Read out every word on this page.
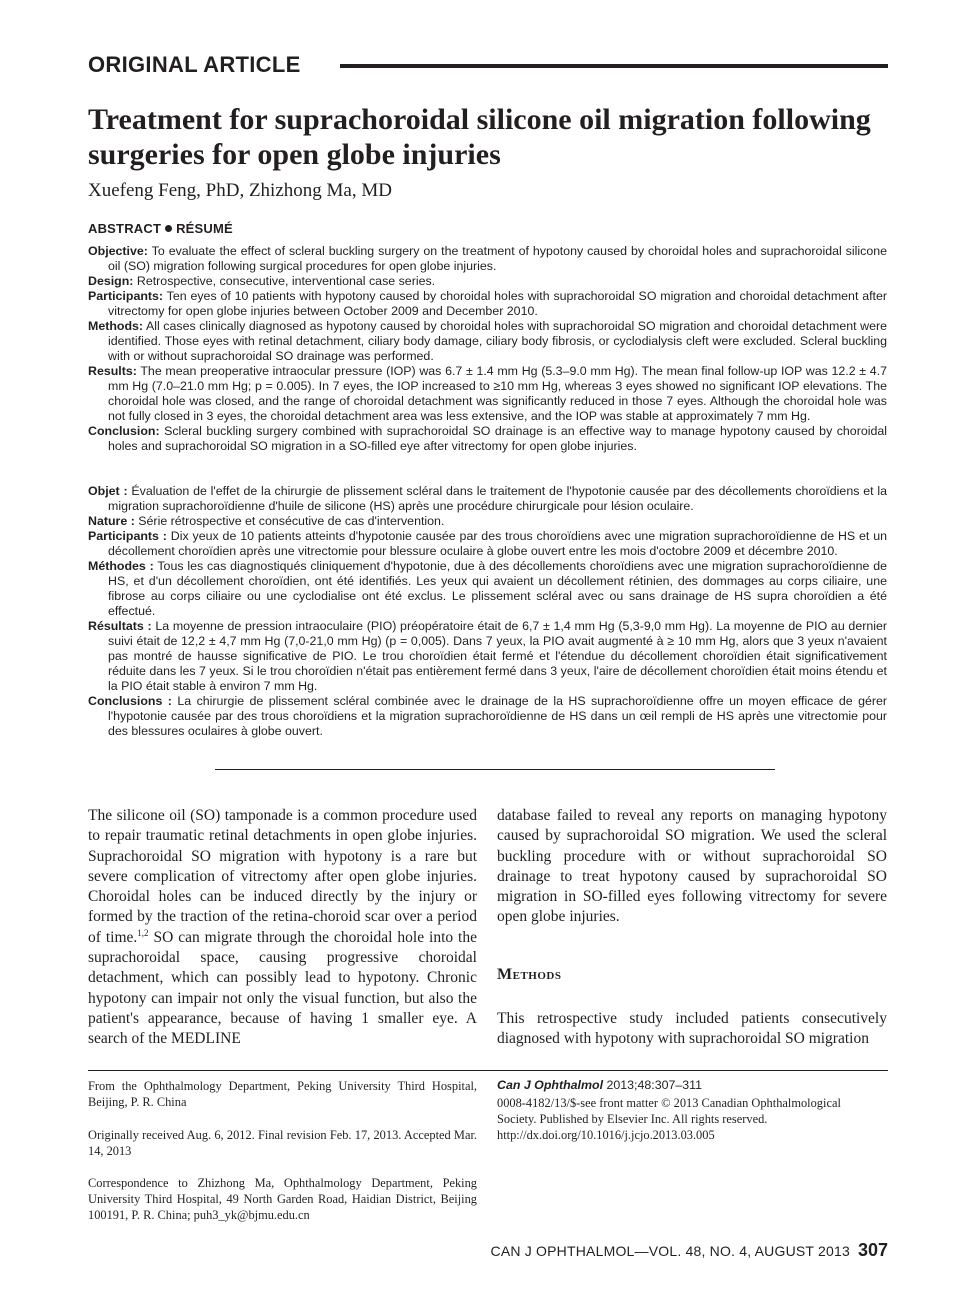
ORIGINAL ARTICLE
Treatment for suprachoroidal silicone oil migration following surgeries for open globe injuries
Xuefeng Feng, PhD, Zhizhong Ma, MD
ABSTRACT RÉSUMÉ

Objective: To evaluate the effect of scleral buckling surgery on the treatment of hypotony caused by choroidal holes and suprachoroidal silicone oil (SO) migration following surgical procedures for open globe injuries.

Design: Retrospective, consecutive, interventional case series.

Participants: Ten eyes of 10 patients with hypotony caused by choroidal holes with suprachoroidal SO migration and choroidal detachment after vitrectomy for open globe injuries between October 2009 and December 2010.

Methods: All cases clinically diagnosed as hypotony caused by choroidal holes with suprachoroidal SO migration and choroidal detachment were identified. Those eyes with retinal detachment, ciliary body damage, ciliary body fibrosis, or cyclodialysis cleft were excluded. Scleral buckling with or without suprachoroidal SO drainage was performed.

Results: The mean preoperative intraocular pressure (IOP) was 6.7 ± 1.4 mm Hg (5.3–9.0 mm Hg). The mean final follow-up IOP was 12.2 ± 4.7 mm Hg (7.0–21.0 mm Hg; p = 0.005). In 7 eyes, the IOP increased to ≥10 mm Hg, whereas 3 eyes showed no significant IOP elevations. The choroidal hole was closed, and the range of choroidal detachment was significantly reduced in those 7 eyes. Although the choroidal hole was not fully closed in 3 eyes, the choroidal detachment area was less extensive, and the IOP was stable at approximately 7 mm Hg.

Conclusion: Scleral buckling surgery combined with suprachoroidal SO drainage is an effective way to manage hypotony caused by choroidal holes and suprachoroidal SO migration in a SO-filled eye after vitrectomy for open globe injuries.

Objet : Évaluation de l'effet de la chirurgie de plissement scléral dans le traitement de l'hypotonie causée par des décollements choroïdiens et la migration suprachoroïdienne d'huile de silicone (HS) après une procédure chirurgicale pour lésion oculaire.

Nature : Série rétrospective et consécutive de cas d'intervention.

Participants : Dix yeux de 10 patients atteints d'hypotonie causée par des trous choroïdiens avec une migration suprachoroïdienne de HS et un décollement choroïdien après une vitrectomie pour blessure oculaire à globe ouvert entre les mois d'octobre 2009 et décembre 2010.

Méthodes : Tous les cas diagnostiqués cliniquement d'hypotonie, due à des décollements choroïdiens avec une migration suprachoroïdienne de HS, et d'un décollement choroïdien, ont été identifiés. Les yeux qui avaient un décollement rétinien, des dommages au corps ciliaire, une fibrose au corps ciliaire ou une cyclodialise ont été exclus. Le plissement scléral avec ou sans drainage de HS supra choroïdien a été effectué.

Résultats : La moyenne de pression intraoculaire (PIO) préopératoire était de 6,7 ± 1,4 mm Hg (5,3-9,0 mm Hg). La moyenne de PIO au dernier suivi était de 12,2 ± 4,7 mm Hg (7,0-21,0 mm Hg) (p = 0,005). Dans 7 yeux, la PIO avait augmenté à ≥ 10 mm Hg, alors que 3 yeux n'avaient pas montré de hausse significative de PIO. Le trou choroïdien était fermé et l'étendue du décollement choroïdien était significativement réduite dans les 7 yeux. Si le trou choroïdien n'était pas entièrement fermé dans 3 yeux, l'aire de décollement choroïdien était moins étendu et la PIO était stable à environ 7 mm Hg.

Conclusions : La chirurgie de plissement scléral combinée avec le drainage de la HS suprachoroïdienne offre un moyen efficace de gérer l'hypotonie causée par des trous choroïdiens et la migration suprachoroïdienne de HS dans un œil rempli de HS après une vitrectomie pour des blessures oculaires à globe ouvert.

The silicone oil (SO) tamponade is a common procedure used to repair traumatic retinal detachments in open globe injuries. Suprachoroidal SO migration with hypotony is a rare but severe complication of vitrectomy after open globe injuries. Choroidal holes can be induced directly by the injury or formed by the traction of the retina-choroid scar over a period of time.$^{1,2}$ SO can migrate through the choroidal hole into the suprachoroidal space, causing progressive choroidal detachment, which can possibly lead to hypotony. Chronic hypotony can impair not only the visual function, but also the patient's appearance, because of having 1 smaller eye. A search of the MEDLINE

database failed to reveal any reports on managing hypotony caused by suprachoroidal SO migration. We used the scleral buckling procedure with or without suprachoroidal SO drainage to treat hypotony caused by suprachoroidal SO migration in SO-filled eyes following vitrectomy for severe open globe injuries.

Methods

This retrospective study included patients consecutively diagnosed with hypotony with suprachoroidal SO migration

From the Ophthalmology Department, Peking University Third Hospital, Beijing, P. R. China

Originally received Aug. 6, 2012. Final revision Feb. 17, 2013. Accepted Mar. 14, 2013

Correspondence to Zhizhong Ma, Ophthalmology Department, Peking University Third Hospital, 49 North Garden Road, Haidian District, Beijing 100191, P. R. China; puh3_yk@bjmu.edu.cn

Can J Ophthalmol 2013;48:307–311
0008-4182/13/$-see front matter © 2013 Canadian Ophthalmological
Society. Published by Elsevier Inc. All rights reserved.
http://dx.doi.org/10.1016/j.jcjo.2013.03.005
CAN J OPHTHALMOL—VOL. 48, NO. 4, AUGUST 2013 307
